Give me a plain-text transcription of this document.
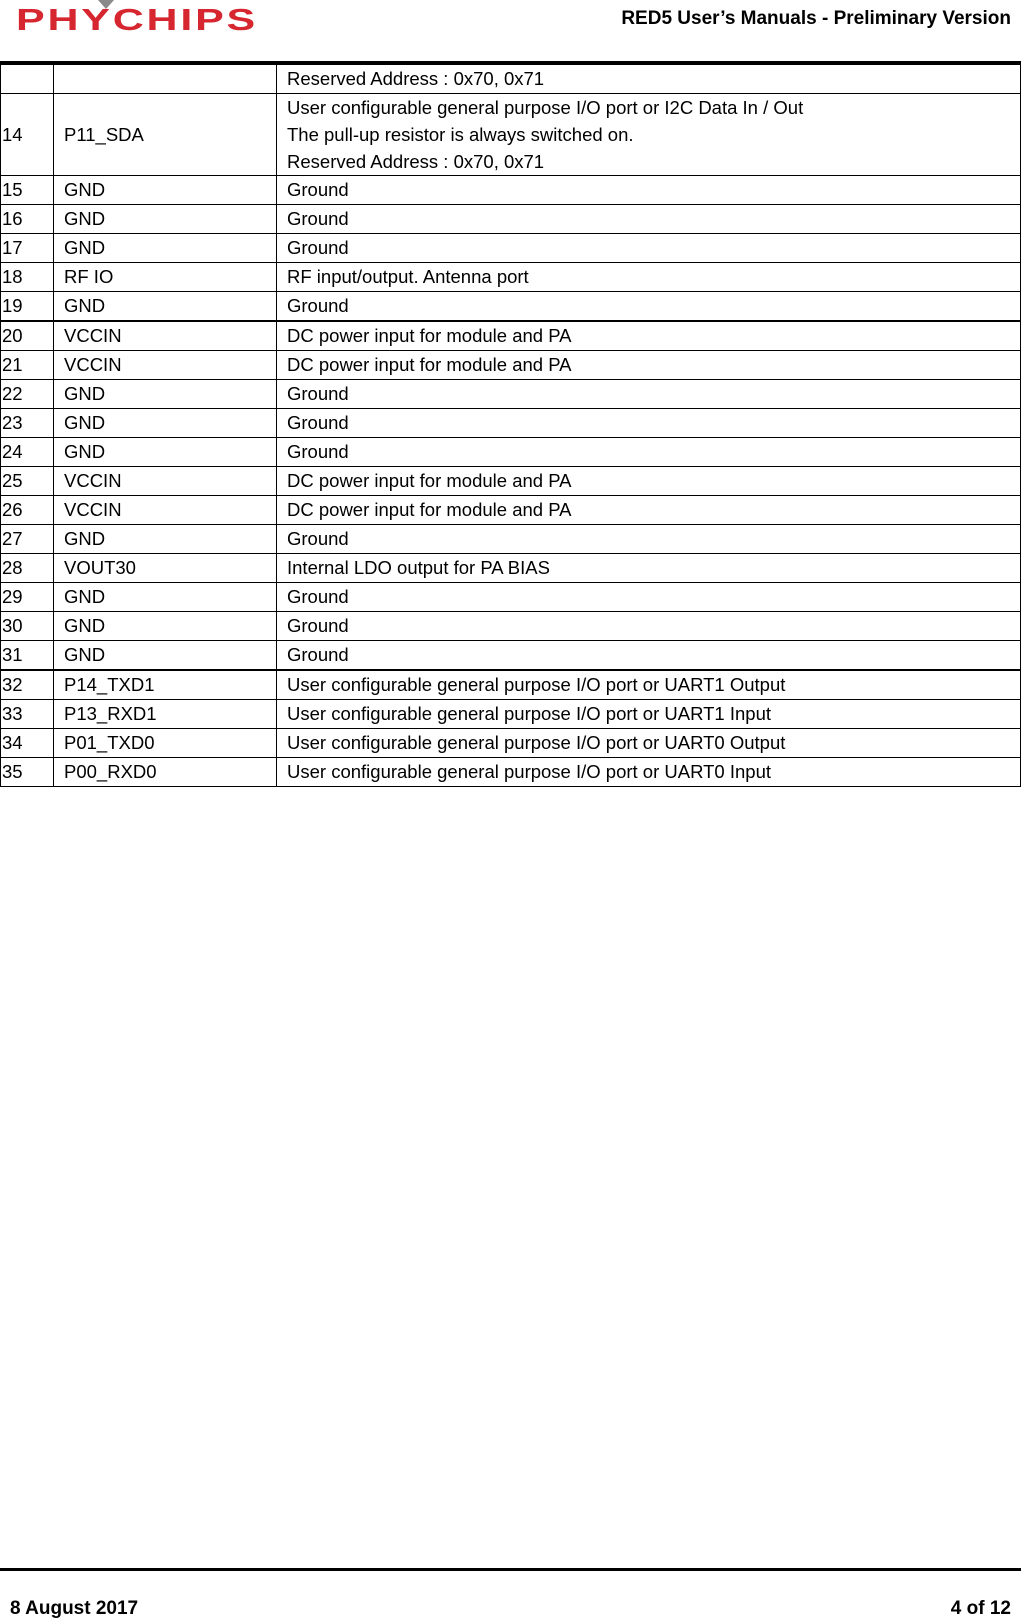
PHYCHIPS	RED5 User’s Manuals - Preliminary Version
		Reserved Address : 0x70, 0x71
14	P11_SDA	User configurable general purpose I/O port or I2C Data In / Out
The pull-up resistor is always switched on.
Reserved Address : 0x70, 0x71

15	GND	Ground
16	GND	Ground
17	GND	Ground
18	RF IO	RF input/output. Antenna port
19	GND	Ground
20	VCCIN	DC power input for module and PA
21	VCCIN	DC power input for module and PA
22	GND	Ground
23	GND	Ground
24	GND	Ground
25	VCCIN	DC power input for module and PA
26	VCCIN	DC power input for module and PA
27	GND	Ground
28	VOUT30	Internal LDO output for PA BIAS
29	GND	Ground
30	GND	Ground
31	GND	Ground
32	P14_TXD1	User configurable general purpose I/O port or UART1 Output
33	P13_RXD1	User configurable general purpose I/O port or UART1 Input
34	P01_TXD0	User configurable general purpose I/O port or UART0 Output
35	P00_RXD0	User configurable general purpose I/O port or UART0 Input
8 August 2017	4 of 12
